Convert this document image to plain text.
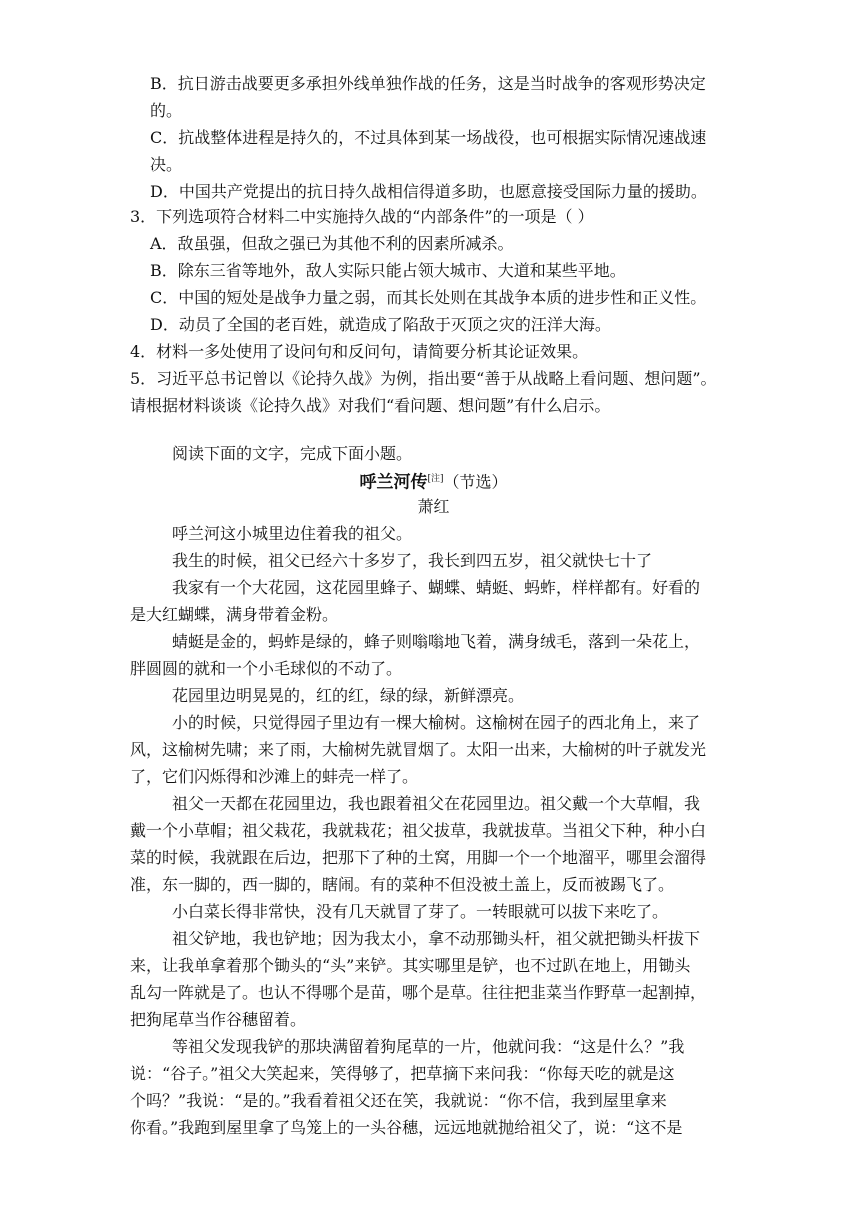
B．抗日游击战要更多承担外线单独作战的任务，这是当时战争的客观形势决定
的。
C．抗战整体进程是持久的，不过具体到某一场战役，也可根据实际情况速战速
决。
D．中国共产党提出的抗日持久战相信得道多助，也愿意接受国际力量的援助。
3．下列选项符合材料二中实施持久战的“内部条件”的一项是（ ）
A．敌虽强，但敌之强已为其他不利的因素所减杀。
B．除东三省等地外，敌人实际只能占领大城市、大道和某些平地。
C．中国的短处是战争力量之弱，而其长处则在其战争本质的进步性和正义性。
D．动员了全国的老百姓，就造成了陷敌于灭顶之灾的汪洋大海。
4．材料一多处使用了设问句和反问句，请简要分析其论证效果。
5．习近平总书记曾以《论持久战》为例，指出要“善于从战略上看问题、想问题”。
请根据材料谈谈《论持久战》对我们“看问题、想问题”有什么启示。
阅读下面的文字，完成下面小题。
呼兰河传[注]（节选）
萧红
呼兰河这小城里边住着我的祖父。
我生的时候，祖父已经六十多岁了，我长到四五岁，祖父就快七十了
我家有一个大花园，这花园里蜂子、蝴蝶、蜻蜓、蚂蚱，样样都有。好看的
是大红蝴蝶，满身带着金粉。
蜻蜓是金的，蚂蚱是绿的，蜂子则嗡嗡地飞着，满身绒毛，落到一朵花上，
胖圆圆的就和一个小毛球似的不动了。
花园里边明晃晃的，红的红，绿的绿，新鲜漂亮。
小的时候，只觉得园子里边有一棵大榆树。这榆树在园子的西北角上，来了
风，这榆树先啸；来了雨，大榆树先就冒烟了。太阳一出来，大榆树的叶子就发光
了，它们闪烁得和沙滩上的蚌壳一样了。
祖父一天都在花园里边，我也跟着祖父在花园里边。祖父戴一个大草帽，我
戴一个小草帽；祖父栽花，我就栽花；祖父拔草，我就拔草。当祖父下种，种小白
菜的时候，我就跟在后边，把那下了种的土窝，用脚一个一个地溜平，哪里会溜得
准，东一脚的，西一脚的，瞎闹。有的菜种不但没被土盖上，反而被踢飞了。
小白菜长得非常快，没有几天就冒了芽了。一转眼就可以拔下来吃了。
祖父铲地，我也铲地；因为我太小，拿不动那锄头杆，祖父就把锄头杆拔下
来，让我单拿着那个锄头的“头”来铲。其实哪里是铲，也不过趴在地上，用锄头
乱勾一阵就是了。也认不得哪个是苗，哪个是草。往往把韭菜当作野草一起割掉，
把狗尾草当作谷穗留着。
等祖父发现我铲的那块满留着狗尾草的一片，他就问我：“这是什么？”我
说：“谷子。”祖父大笑起来，笑得够了，把草摘下来问我：“你每天吃的就是这
个吗？”我说：“是的。”我看着祖父还在笑，我就说：“你不信，我到屋里拿来
你看。”我跑到屋里拿了鸟笼上的一头谷穗，远远地就抛给祖父了，说：“这不是
